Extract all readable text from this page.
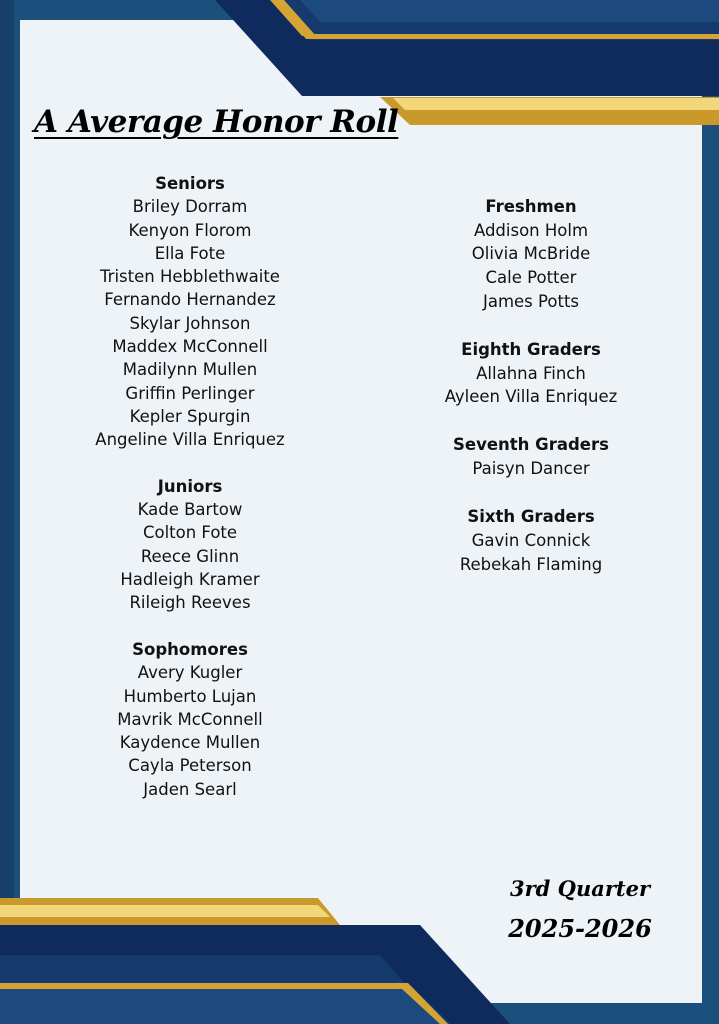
A Average Honor Roll
Seniors
Briley Dorram
Kenyon Florom
Ella Fote
Tristen Hebblethwaite
Fernando Hernandez
Skylar Johnson
Maddex McConnell
Madilynn Mullen
Griffin Perlinger
Kepler Spurgin
Angeline Villa Enriquez
Juniors
Kade Bartow
Colton Fote
Reece Glinn
Hadleigh Kramer
Rileigh Reeves
Sophomores
Avery Kugler
Humberto Lujan
Mavrik McConnell
Kaydence Mullen
Cayla Peterson
Jaden Searl
Freshmen
Addison Holm
Olivia McBride
Cale Potter
James Potts
Eighth Graders
Allahna Finch
Ayleen Villa Enriquez
Seventh Graders
Paisyn Dancer
Sixth Graders
Gavin Connick
Rebekah Flaming
3rd Quarter
2025-2026
